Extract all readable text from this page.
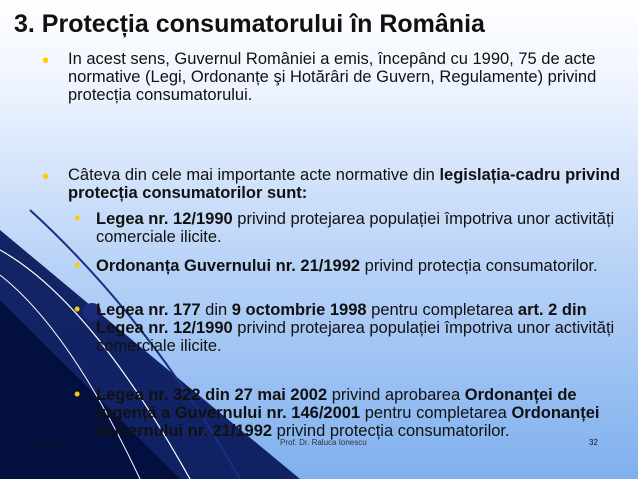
3. Protecția consumatorului în România
•	In acest sens, Guvernul României a emis, începând cu 1990, 75 de acte normative (Legi, Ordonanțe şi Hotărâri de Guvern, Regulamente) privind protecția consumatorului.
•	Câteva din cele mai importante acte normative din legislația-cadru privind protecția consumatorilor sunt:
• Legea nr. 12/1990 privind protejarea populației împotriva unor activități comerciale ilicite.
• Ordonanța Guvernului nr. 21/1992 privind protecția consumatorilor.
• Legea nr. 177 din 9 octombrie 1998 pentru completarea art. 2 din Legea nr. 12/1990 privind protejarea populației împotriva unor activități comerciale ilicite.
• Legea nr. 322 din 27 mai 2002 privind aprobarea Ordonanței de urgență a Guvernului nr. 146/2001 pentru completarea Ordonanței Guvernului nr. 21/1992 privind protecția consumatorilor.
01/13/13	Prof. Dr. Raluca Ionescu	32
